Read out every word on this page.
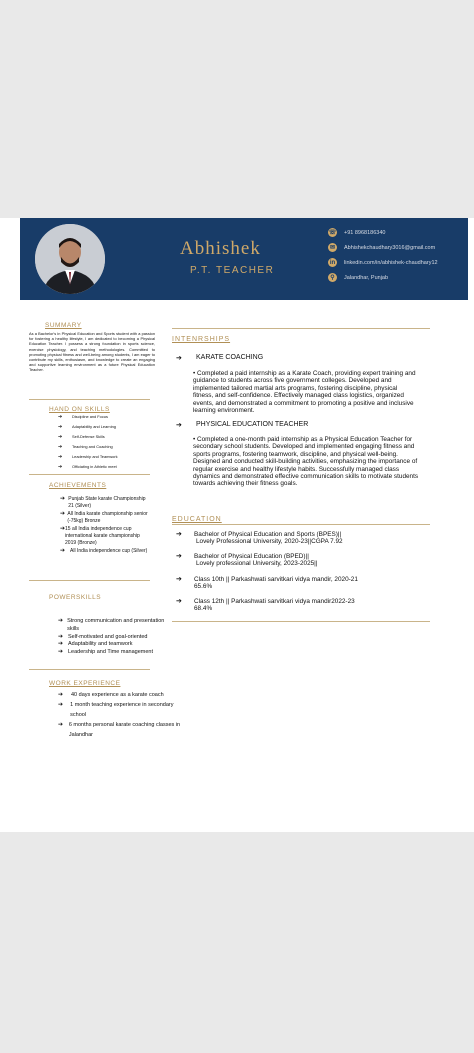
Abhishek
P.T. TEACHER
☏ +91 8968186340
✉	Abhishekchaudhary3016@gmail.com
in	linkedin.com/in/abhishek-chaudhary12
⚲	Jalandhar, Punjab
SUMMARY
As a Bachelor's in Physical Education and Sports student with a passion for fostering a healthy lifestyle, I am dedicated to becoming a Physical Education Teacher. I possess a strong foundation in sports science, exercise physiology, and teaching methodologies. Committed to promoting physical fitness and well-being among students, I am eager to contribute my skills, enthusiasm, and knowledge to create an engaging and supportive learning environment as a future Physical Education Teacher.
HAND ON SKILLS
➔	Discipline and Focus
➔	Adaptability and Learning
➔	Self-Defense Skills
➔	Teaching and Coaching
➔	Leadership and Teamwork
➔	Officiating in Athletic meet
ACHIEVEMENTS
➔ Punjab State karate Championship 21 (Silver)
➔ All India karate championship senior (-75kg) Bronze
➔ 15 all India independence cup international karate championship 2019 (Bronze)
➔ All India independence cup (Silver)
POWERSKILLS
➔ Strong communication and presentation skills
➔ Self-motivated and goal-oriented
➔ Adaptability and teamwork
➔ Leadership and Time management
WORK EXPERIENCE
➔	40 days experience as a karate coach
➔	1 month teaching experience in secondary school
➔	6 months personal karate coaching classes in Jalandhar
INTENRSHIPS
➔	KARATE COACHING
• Completed a paid internship as a Karate Coach, providing expert training and guidance to students across five government colleges. Developed and implemented tailored martial arts programs, fostering discipline, physical fitness, and self-confidence. Effectively managed class logistics, organized events, and demonstrated a commitment to promoting a positive and inclusive learning environment.
➔	PHYSICAL EDUCATION TEACHER
• Completed a one-month paid internship as a Physical Education Teacher for secondary school students. Developed and implemented engaging fitness and sports programs, fostering teamwork, discipline, and physical well-being. Designed and conducted skill-building activities, emphasizing the importance of regular exercise and healthy lifestyle habits. Successfully managed class dynamics and demonstrated effective communication skills to motivate students towards achieving their fitness goals.
EDUCATION
➔	Bachelor of Physical Education and Sports (BPES)||
Lovely Professional University, 2020-23||CGPA 7.92
➔	Bachelor of Physical Education (BPED)||
Lovely professional University, 2023-2025||
➔	Class 10th || Parkashwati sarvitkari vidya mandir, 2020-21
65.6%
➔	Class 12th || Parkashwati sarvitkari vidya mandir2022-23
68.4%
